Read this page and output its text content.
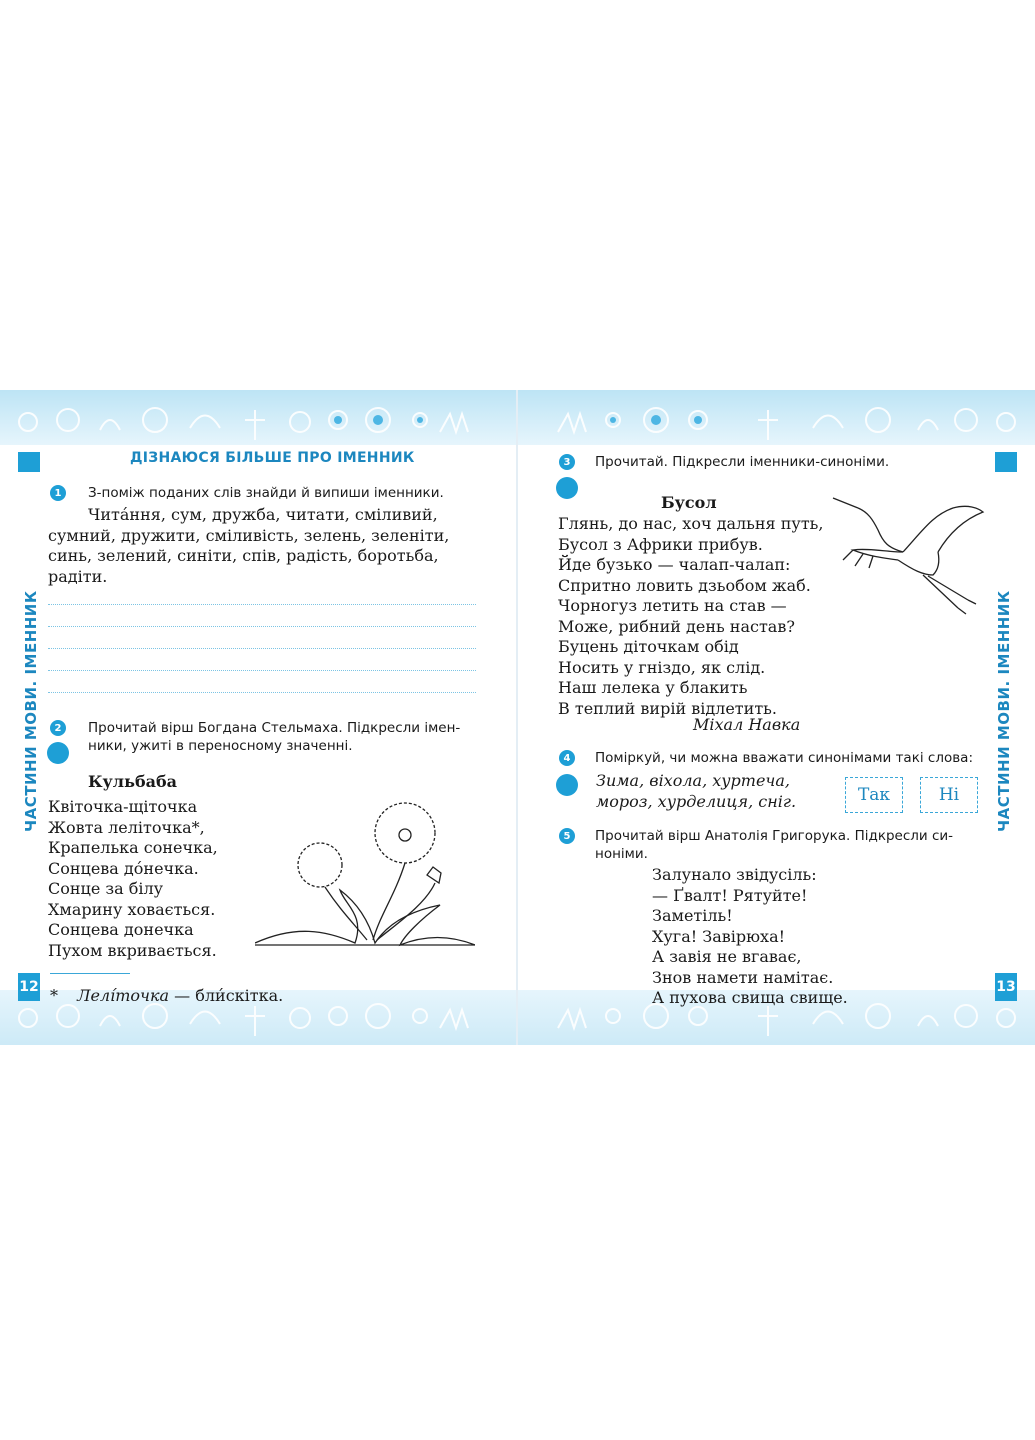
ЧАСТИНИ МОВИ. ІМЕННИК
12
ДІЗНАЮСЯ БІЛЬШЕ ПРО ІМЕННИК
1	З-поміж поданих слів знайди й випиши іменники.
Чита́ння, сум, дружба, читати, сміливий,
сумний, дружити, сміливість, зелень, зеленіти,
синь, зелений, синіти, спів, радість, боротьба,
радіти.
2	Прочитай вірш Богдана Стельмаха. Підкресли імен-
ники, ужиті в переносному значенні.
Кульбаба
Квіточка-щіточка
Жовта леліточка*,
Крапелька сонечка,
Сонцева до́нечка.
Сонце за білу
Хмарину ховається.
Сонцева донечка
Пухом вкривається.
* Лелі́точка — бли́скітка.
ЧАСТИНИ МОВИ. ІМЕННИК
13
3	Прочитай. Підкресли іменники-синоніми.
Бусол
Глянь, до нас, хоч дальня путь,
Бусол з Африки прибув.
Йде бузько — чалап-чалап:
Спритно ловить дзьобом жаб.
Чорногуз летить на став —
Може, рибний день настав?
Буцень діточкам обід
Носить у гніздо, як слід.
Наш лелека у блакить
В теплий вирій відлетить.
Міхал Навка
4	Поміркуй, чи можна вважати синонімами такі слова:
Зима, віхола, хуртеча,
мороз, хурделиця, сніг.	Так	Ні
5	Прочитай вірш Анатолія Григорука. Підкресли си-
ноніми.
Залунало звідусіль:
— Ґвалт! Рятуйте!
Заметіль!
Хуга! Завірюха!
А завія не вгаває,
Знов намети намітає.
А пухова свища свище.
